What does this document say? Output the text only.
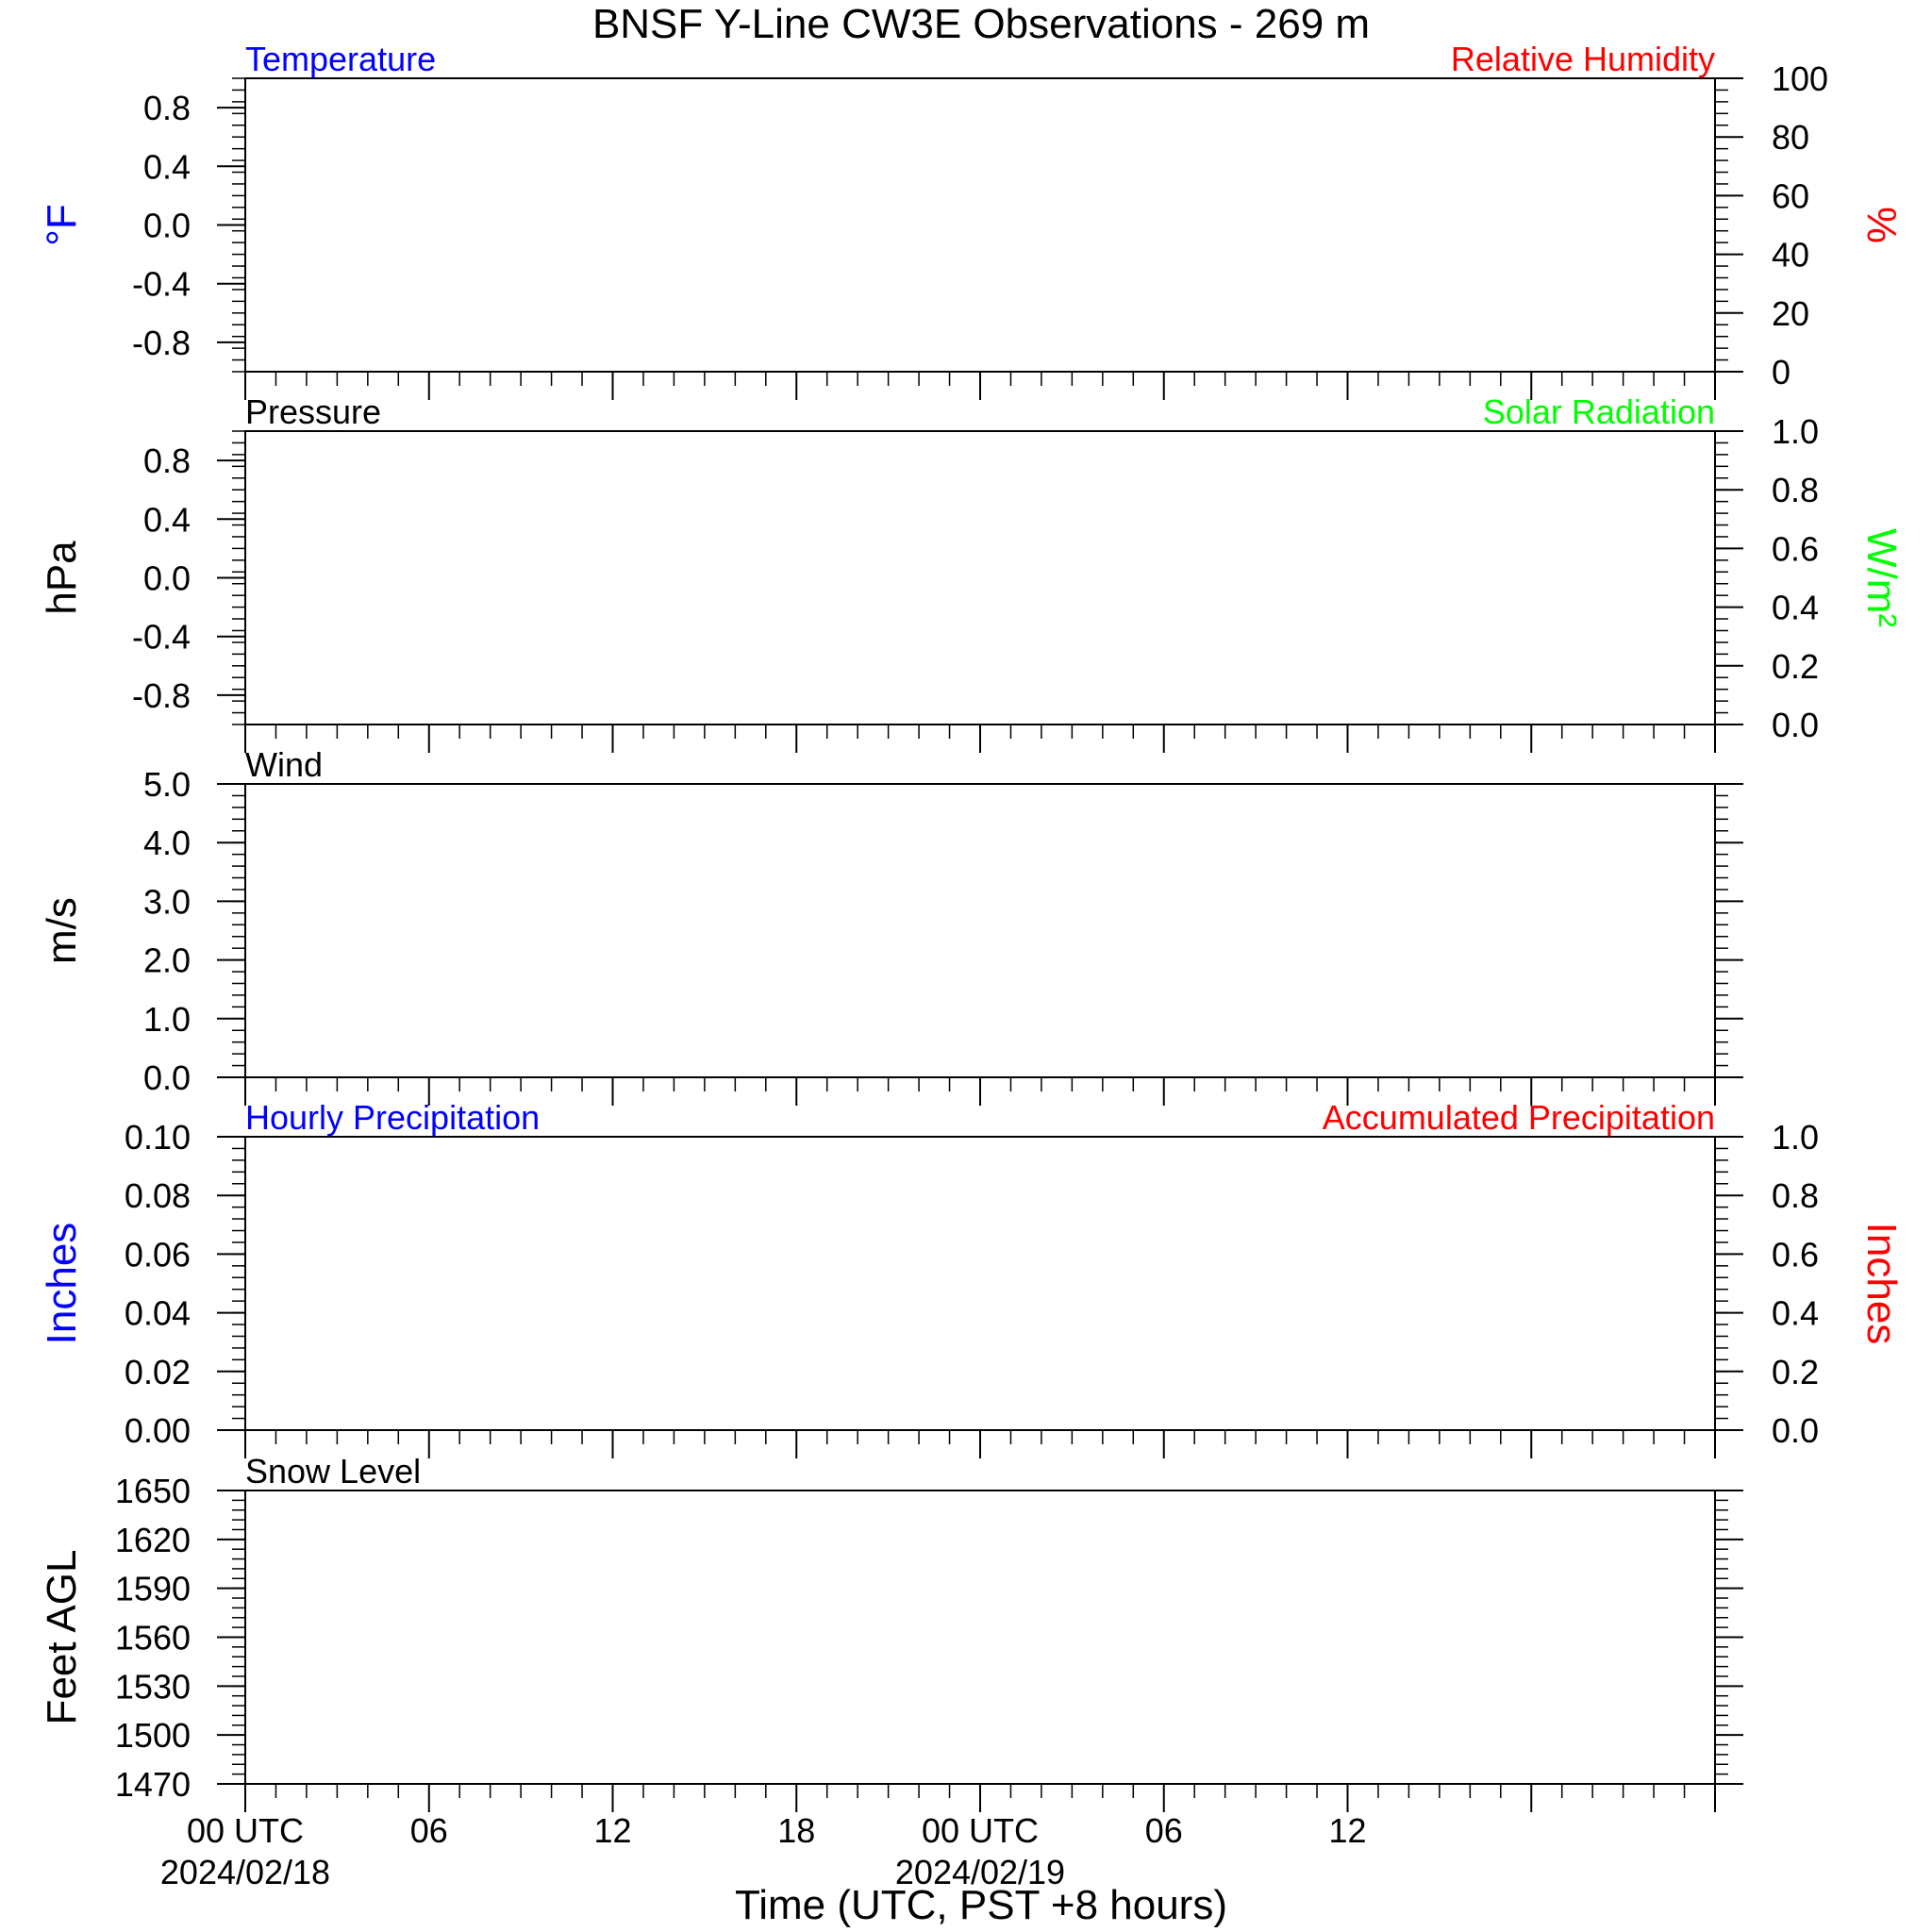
BNSF Y-Line CW3E Observations - 269 m
0.8
0.4
0.0
-0.4
-0.8
100
80
60
40
20
0
Temperature	Relative Humidity
°F	%
0.8
0.4
0.0
-0.4
-0.8
1.0
0.8
0.6
0.4
0.2
0.0
Pressure	Solar Radiation
hPa	W/m²
5.0
4.0
3.0
2.0
1.0
0.0
Wind
m/s
0.10
0.08
0.06
0.04
0.02
0.00
1.0
0.8
0.6
0.4
0.2
0.0
Hourly Precipitation	Accumulated Precipitation
Inches	Inches
1650
1620
1590
1560
1530
1500
1470
Snow Level
Feet AGL
00 UTC
2024/02/18
06	12	18	00 UTC
2024/02/19
06	12
Time (UTC, PST +8 hours)
